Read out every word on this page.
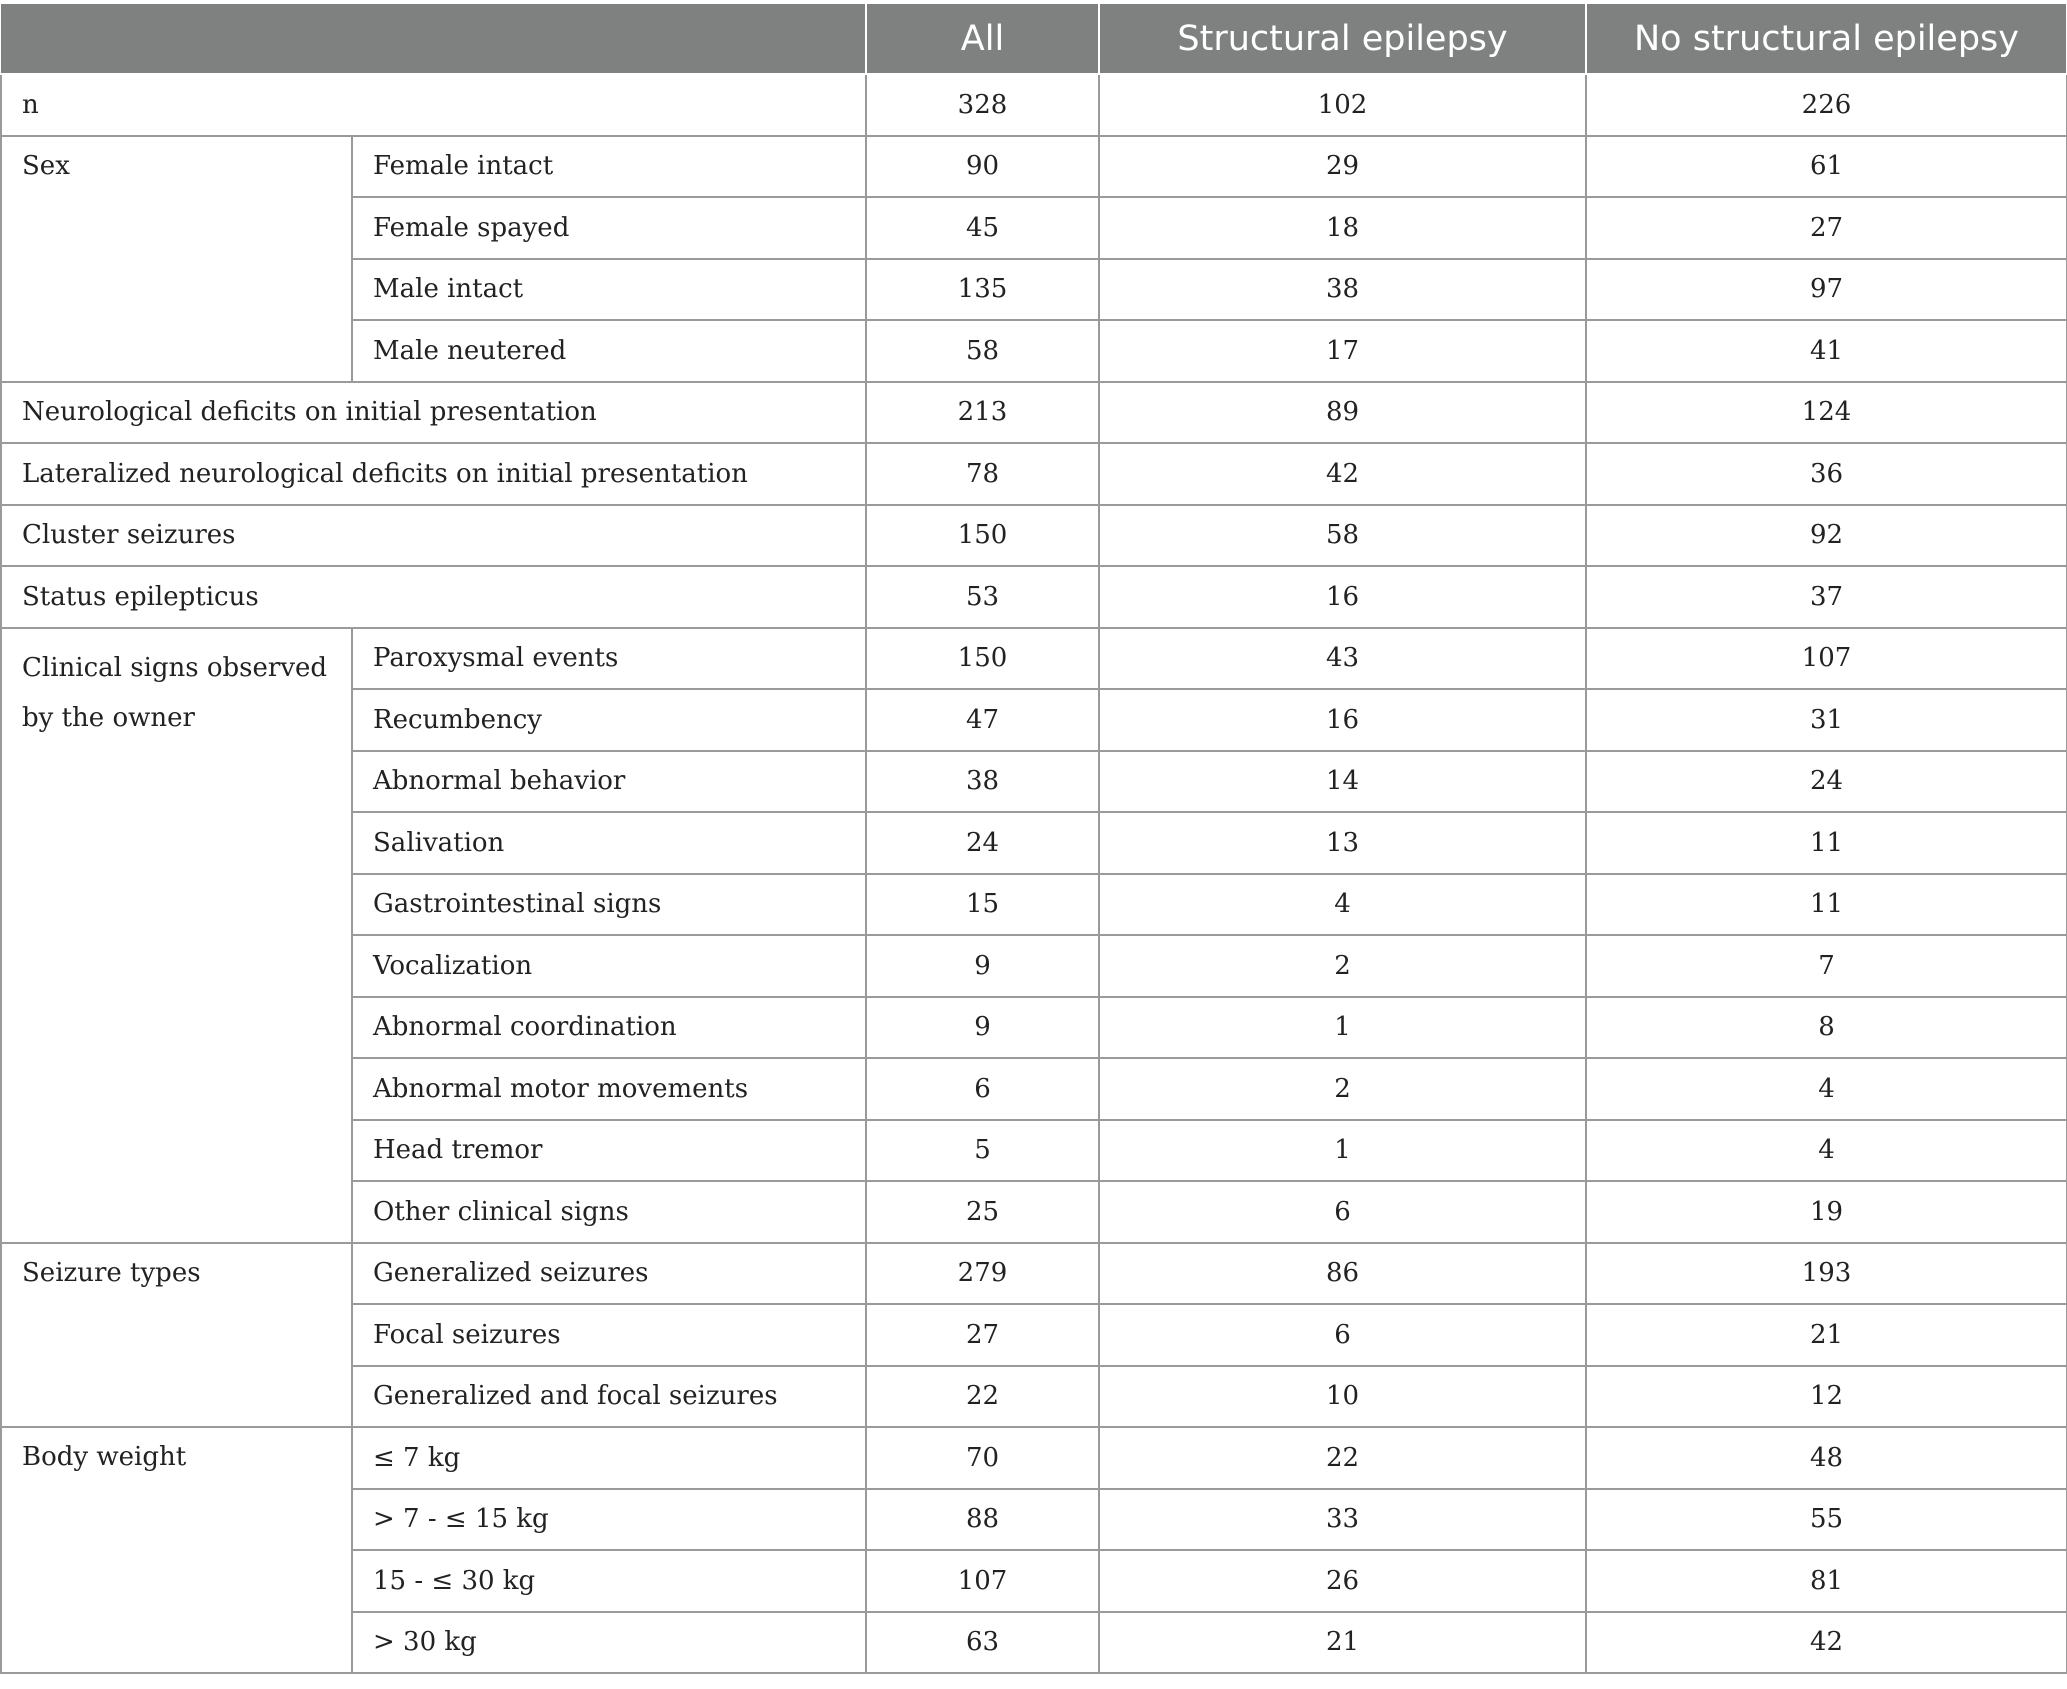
		All	Structural epilepsy	No structural epilepsy
n		328	102	226
Sex	Female intact	90	29	61
	Female spayed	45	18	27
	Male intact	135	38	97
	Male neutered	58	17	41
Neurological deficits on initial presentation		213	89	124
Lateralized neurological deficits on initial presentation		78	42	36
Cluster seizures		150	58	92
Status epilepticus		53	16	37
Clinical signs observed by the owner	Paroxysmal events	150	43	107
	Recumbency	47	16	31
	Abnormal behavior	38	14	24
	Salivation	24	13	11
	Gastrointestinal signs	15	4	11
	Vocalization	9	2	7
	Abnormal coordination	9	1	8
	Abnormal motor movements	6	2	4
	Head tremor	5	1	4
	Other clinical signs	25	6	19
Seizure types	Generalized seizures	279	86	193
	Focal seizures	27	6	21
	Generalized and focal seizures	22	10	12
Body weight	≤ 7 kg	70	22	48
	> 7 - ≤ 15 kg	88	33	55
	15 - ≤ 30 kg	107	26	81
	> 30 kg	63	21	42
